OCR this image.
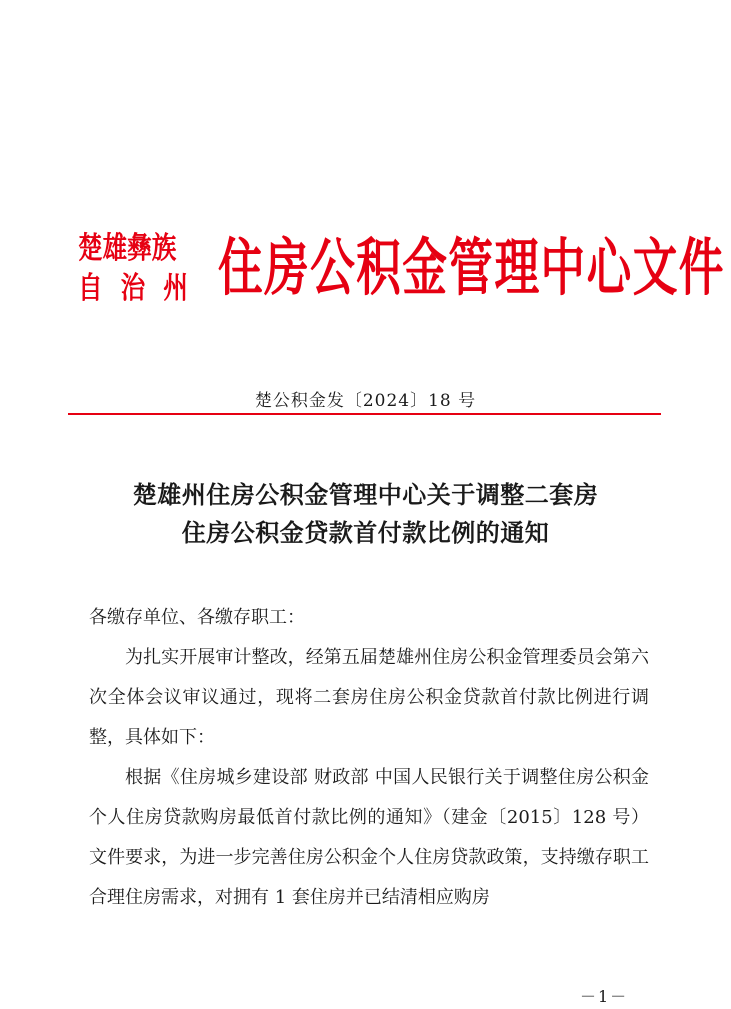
楚雄彝族
自治州 住房公积金管理中心文件
楚公积金发〔2024〕18 号
楚雄州住房公积金管理中心关于调整二套房
住房公积金贷款首付款比例的通知

各缴存单位、各缴存职工：

为扎实开展审计整改，经第五届楚雄州住房公积金管理委员会第六次全体会议审议通过，现将二套房住房公积金贷款首付款比例进行调整，具体如下：

根据《住房城乡建设部 财政部 中国人民银行关于调整住房公积金个人住房贷款购房最低首付款比例的通知》（建金〔2015〕128 号）文件要求，为进一步完善住房公积金个人住房贷款政策，支持缴存职工合理住房需求，对拥有 1 套住房并已结清相应购房

－1－
